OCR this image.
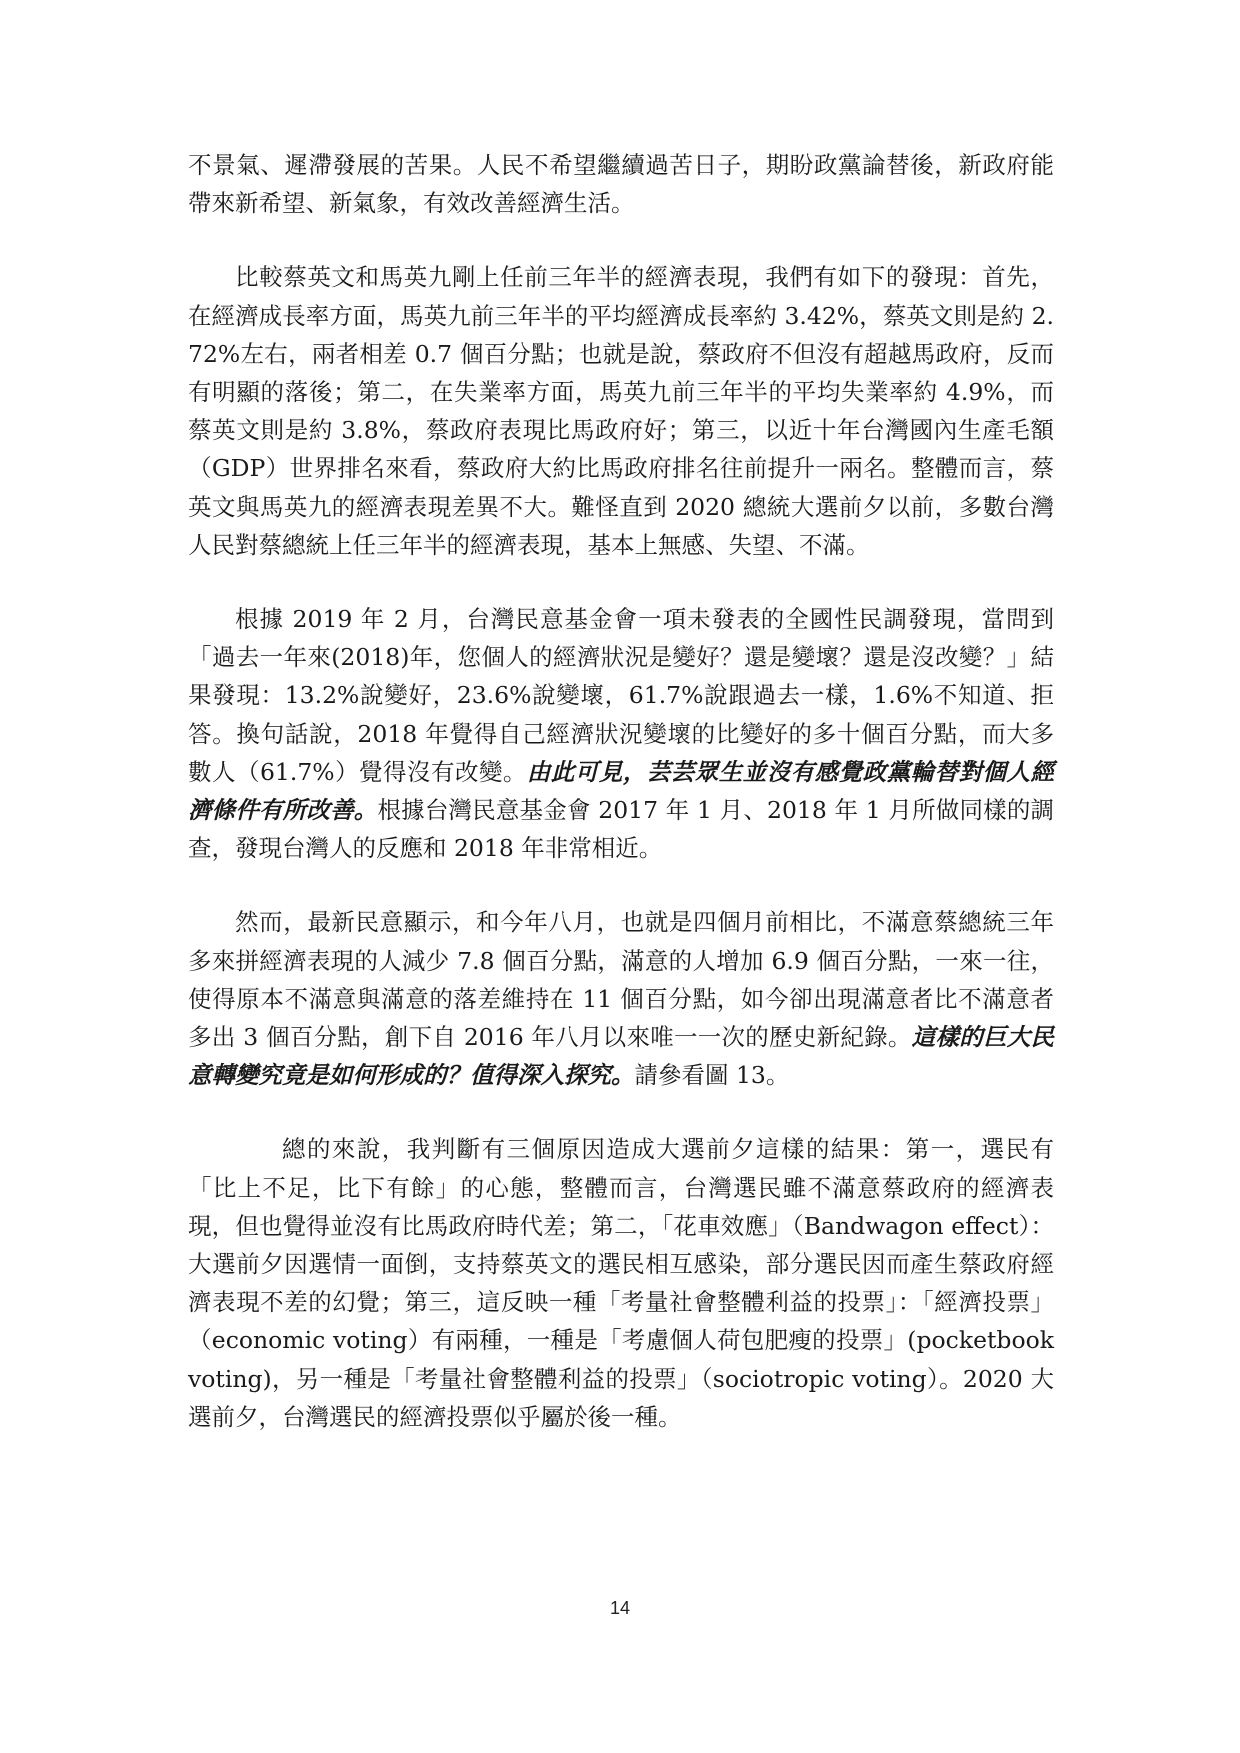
不景氣、遲滯發展的苦果。人民不希望繼續過苦日子，期盼政黨論替後，新政府能帶來新希望、新氣象，有效改善經濟生活。

比較蔡英文和馬英九剛上任前三年半的經濟表現，我們有如下的發現：首先，在經濟成長率方面，馬英九前三年半的平均經濟成長率約 3.42%，蔡英文則是約 2.72%左右，兩者相差 0.7 個百分點；也就是說，蔡政府不但沒有超越馬政府，反而有明顯的落後；第二，在失業率方面，馬英九前三年半的平均失業率約 4.9%，而蔡英文則是約 3.8%，蔡政府表現比馬政府好；第三，以近十年台灣國內生產毛額（GDP）世界排名來看，蔡政府大約比馬政府排名往前提升一兩名。整體而言，蔡英文與馬英九的經濟表現差異不大。難怪直到 2020 總統大選前夕以前，多數台灣人民對蔡總統上任三年半的經濟表現，基本上無感、失望、不滿。

根據 2019 年 2 月，台灣民意基金會一項未發表的全國性民調發現，當問到「過去一年來(2018)年，您個人的經濟狀況是變好？還是變壞？還是沒改變？」結果發現：13.2%說變好，23.6%說變壞，61.7%說跟過去一樣，1.6%不知道、拒答。換句話說，2018 年覺得自己經濟狀況變壞的比變好的多十個百分點，而大多數人（61.7%）覺得沒有改變。由此可見，芸芸眾生並沒有感覺政黨輪替對個人經濟條件有所改善。根據台灣民意基金會 2017 年 1 月、2018 年 1 月所做同樣的調查，發現台灣人的反應和 2018 年非常相近。

然而，最新民意顯示，和今年八月，也就是四個月前相比，不滿意蔡總統三年多來拼經濟表現的人減少 7.8 個百分點，滿意的人增加 6.9 個百分點，一來一往，使得原本不滿意與滿意的落差維持在 11 個百分點，如今卻出現滿意者比不滿意者多出 3 個百分點，創下自 2016 年八月以來唯一一次的歷史新紀錄。這樣的巨大民意轉變究竟是如何形成的？值得深入探究。請參看圖 13。

總的來說，我判斷有三個原因造成大選前夕這樣的結果：第一，選民有「比上不足，比下有餘」的心態，整體而言，台灣選民雖不滿意蔡政府的經濟表現，但也覺得並沒有比馬政府時代差；第二，「花車效應」（Bandwagon effect）：大選前夕因選情一面倒，支持蔡英文的選民相互感染，部分選民因而產生蔡政府經濟表現不差的幻覺；第三，這反映一種「考量社會整體利益的投票」：「經濟投票」（economic voting）有兩種，一種是「考慮個人荷包肥瘦的投票」(pocketbook voting)，另一種是「考量社會整體利益的投票」（sociotropic voting）。2020 大選前夕，台灣選民的經濟投票似乎屬於後一種。

14
